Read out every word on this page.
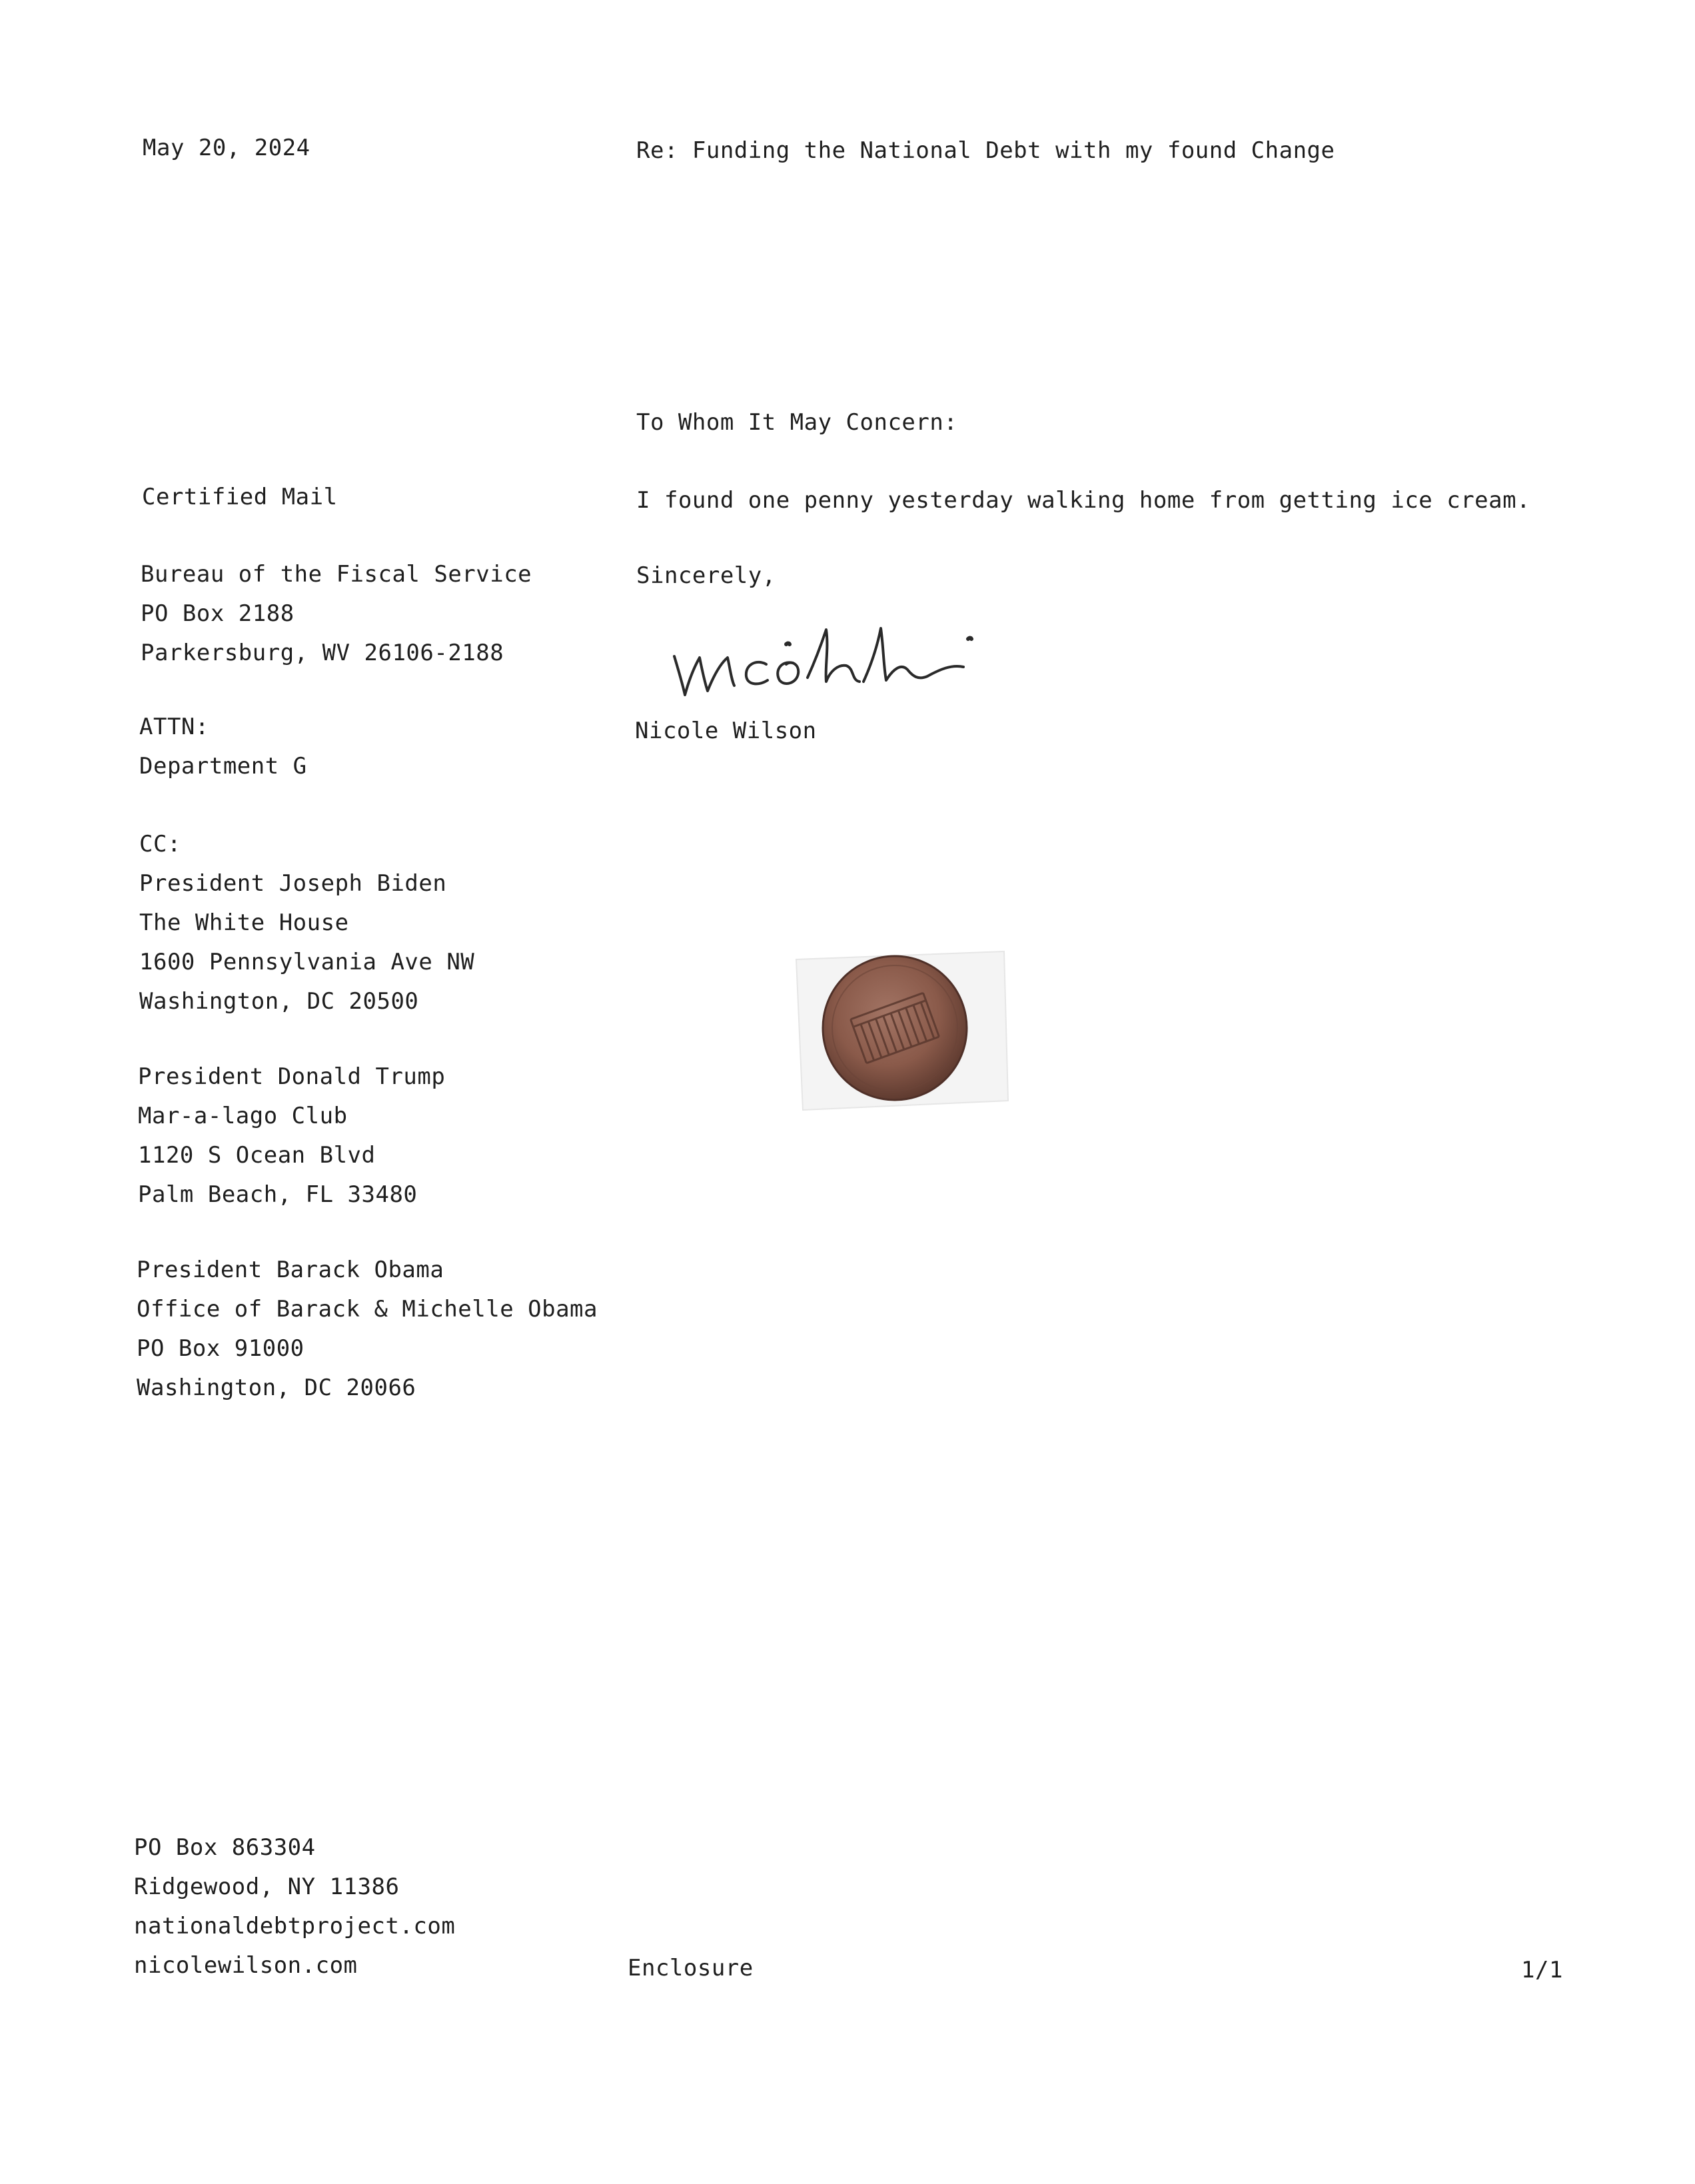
May 20, 2024	Re: Funding the National Debt with my found Change
To Whom It May Concern:
I found one penny yesterday walking home from getting ice cream.
Sincerely,
Nicole Wilson
Certified Mail
Bureau of the Fiscal Service
PO Box 2188
Parkersburg, WV 26106-2188
ATTN:
Department G
CC:
President Joseph Biden
The White House
1600 Pennsylvania Ave NW
Washington, DC 20500
President Donald Trump
Mar-a-lago Club
1120 S Ocean Blvd
Palm Beach, FL 33480
President Barack Obama
Office of Barack & Michelle Obama
PO Box 91000
Washington, DC 20066
PO Box 863304
Ridgewood, NY 11386
nationaldebtproject.com
nicolewilson.com	Enclosure	1/1
